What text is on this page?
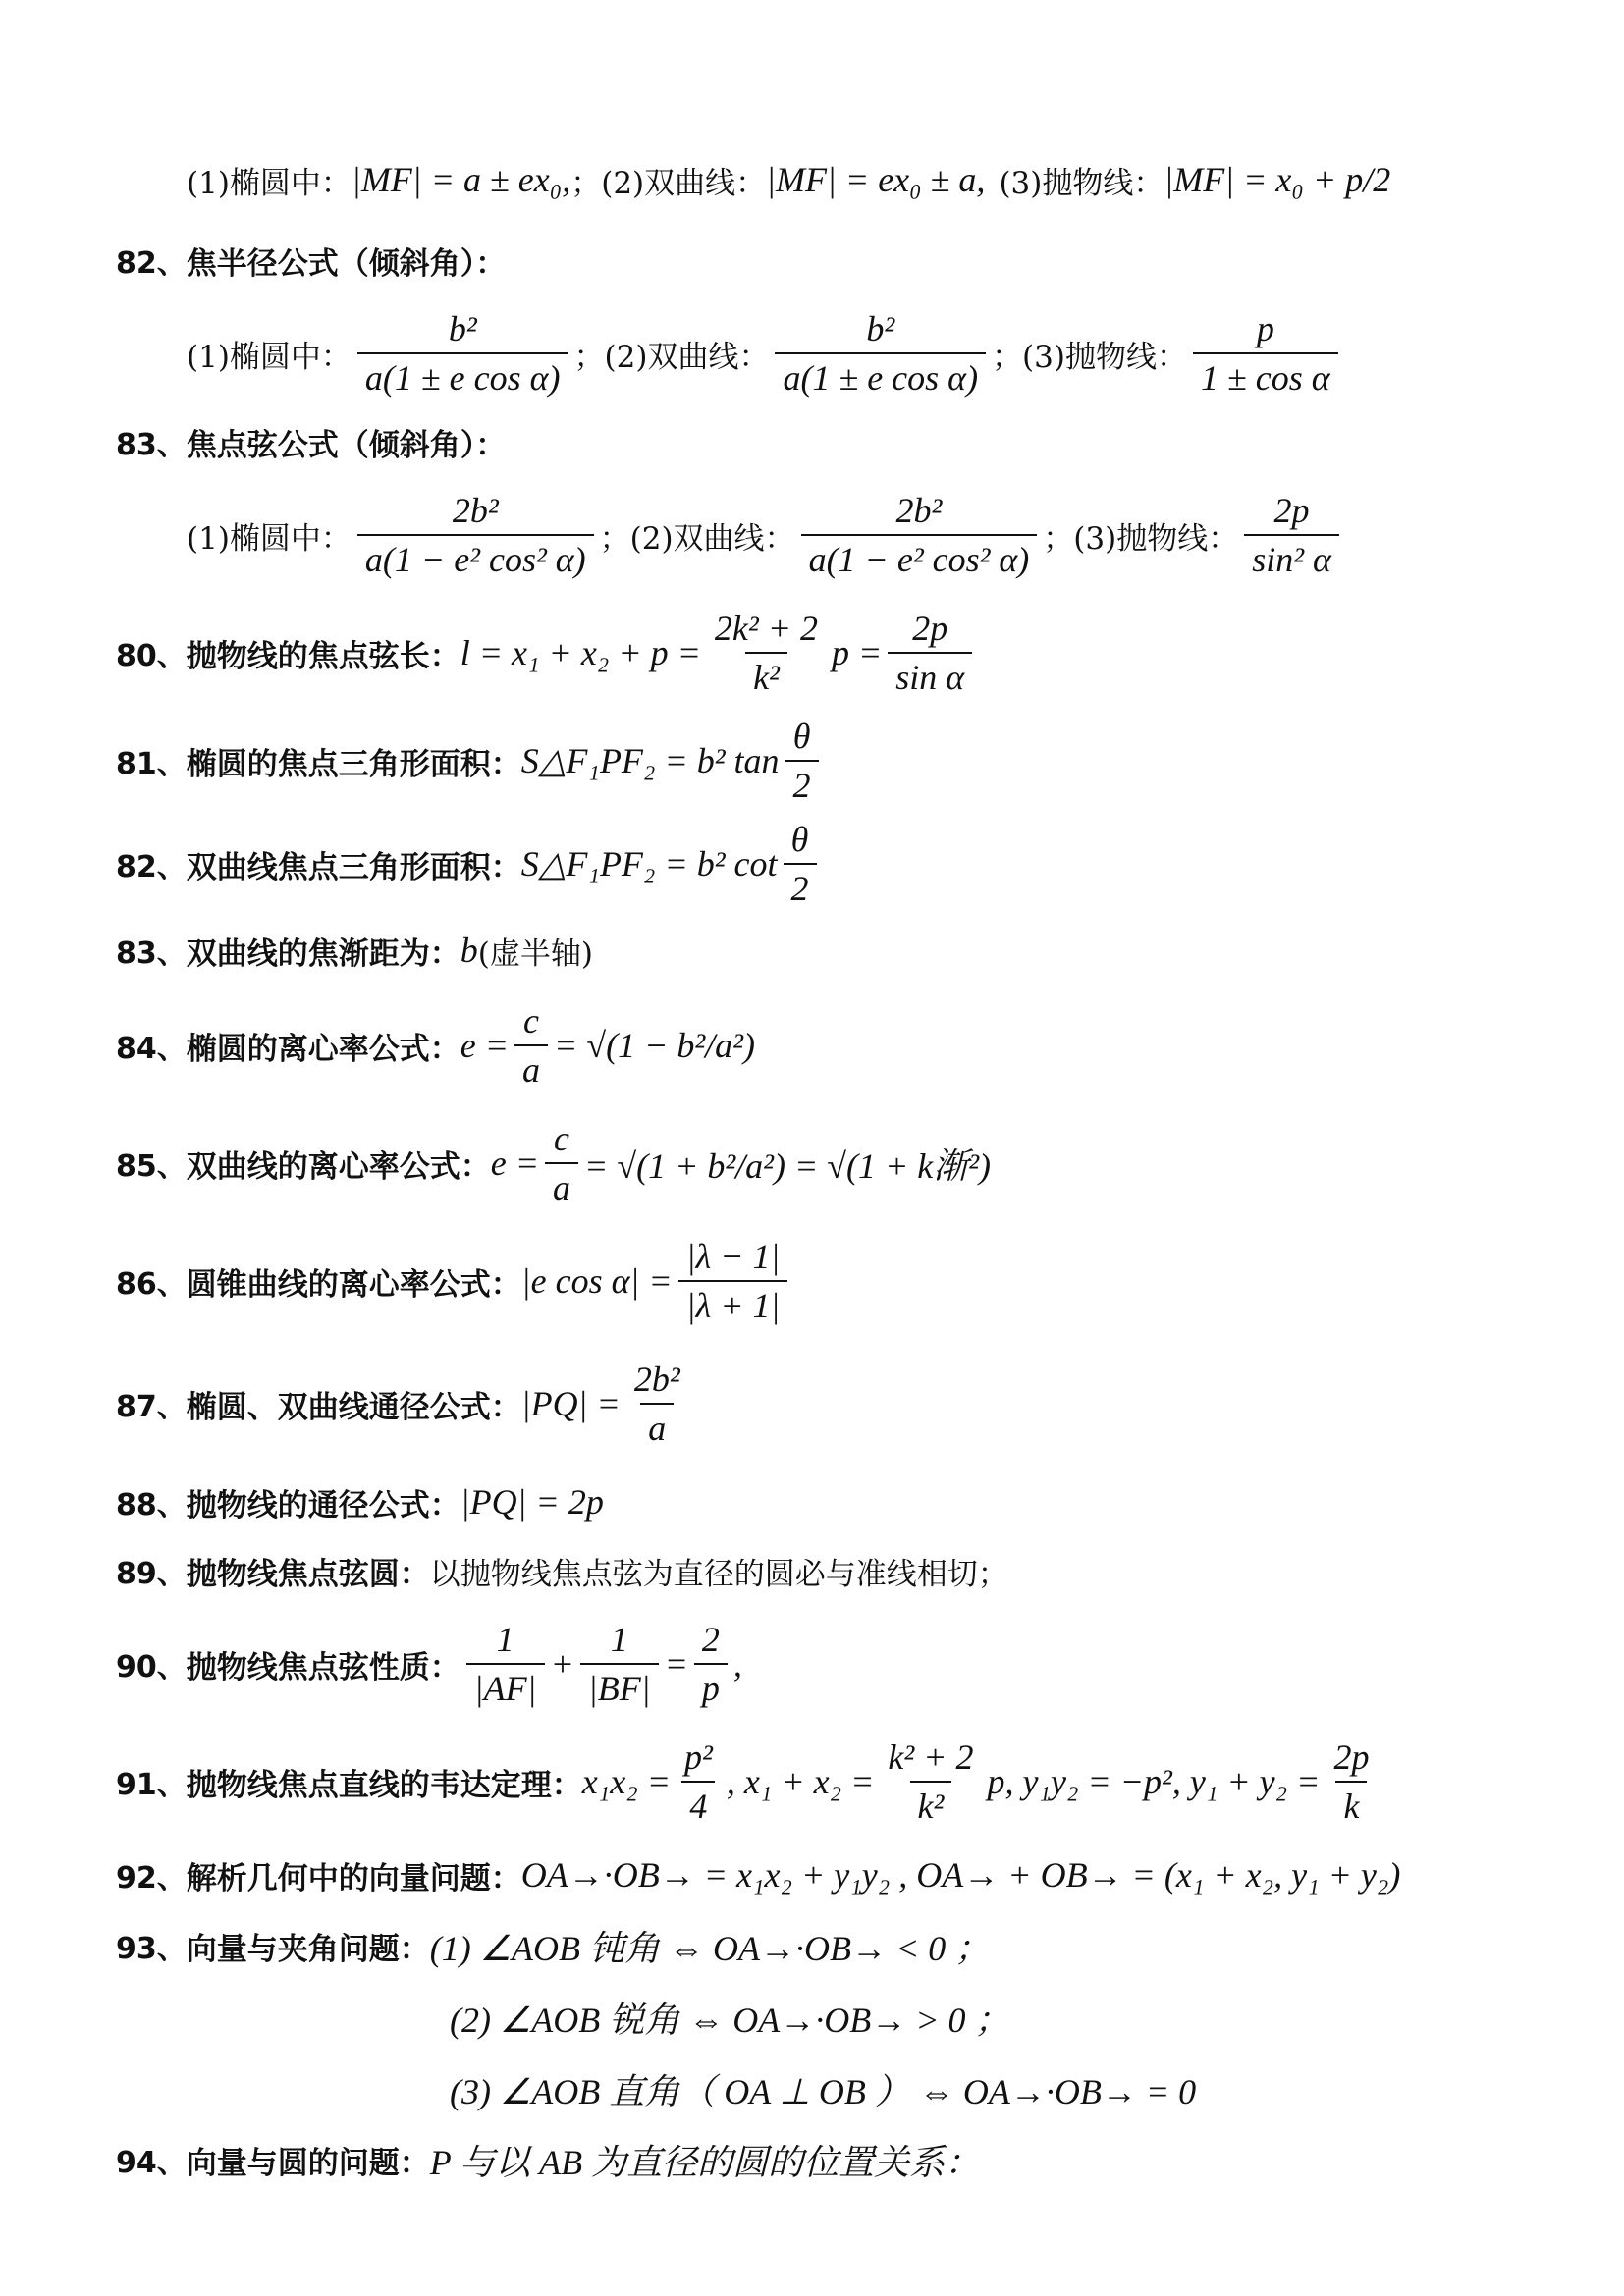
(1)椭圆中： |MF| = a ± ex₀, ；(2)双曲线： |MF| = ex₀ ± a, (3)抛物线： |MF| = x₀ + p/2
82、 焦半径公式（倾斜角）：
(1)椭圆中： $\frac{\text{b²}}{\text{a(1 ± e cos α)}}$ ；(2)双曲线： $\frac{\text{b²}}{\text{a(1 ± e cos α)}}$ ；(3)抛物线： $\frac{p}{\text{1 ± cos α}}$
83、 焦点弦公式（倾斜角）：
(1)椭圆中： $\frac{\text{2b²}}{\text{a(1 − e² cos² α)}}$ ；(2)双曲线： $\frac{\text{2b²}}{\text{a(1 − e² cos² α)}}$ ；(3)抛物线： $\frac{2p}{\text{sin² α}}$
80、 抛物线的焦点弦长： $l = x_1 + x_2 + p = \frac{\text{2k² + 2}}{\text{k²}}$ $p = \frac{2p}{\text{sin α}}$
81、 椭圆的焦点三角形面积： S△F₁PF₂ = b² $\tan \frac{\theta}{2}$
82、 双曲线焦点三角形面积： S△F₁PF₂ = b² $\cot \frac{\theta}{2}$
83、 双曲线的焦渐距为： b (虚半轴)
84、 椭圆的离心率公式： $e = \frac{c}{a} = √(1 - b^2/a^2)$
85、 双曲线的离心率公式： $e = \frac{c}{a} = √(1 + b^2/a^2) = √(1 + k$渐²)
86、 圆锥曲线的离心率公式： |e $\cos \alpha| = \frac{|\lambda - 1|}{|\lambda + 1|}$
87、 椭圆、双曲线通径公式： $|PQ| = \frac{\text{2b²}}{a}$
88、 抛物线的通径公式： |PQ| = 2p
89、 抛物线焦点弦圆： 以抛物线焦点弦为直径的圆必与准线相切；
90、 抛物线焦点弦性质： $\frac{1}{|AF|} + \frac{1}{|BF|} = \frac{2}{p}$ ,
91、 抛物线焦点直线的韦达定理： $x_1x_2 = \frac{\text{p²}}{4}$ , $x_1 + x_2 = \frac{\text{k² + 2}}{\text{k²}} p$, y₁y₂ = −p², $y_1 + y_2 = \frac{2p}{k}$
92、 解析几何中的向量问题： OA→·OB→ = x₁x₂ + y₁y₂ , OA→ + OB→ = (x₁ + x₂, y₁ + y₂)
93、 向量与夹角问题： (1) ∠AOB 钝角 ⇔ OA→·OB→ < 0 ；
(2) ∠AOB 锐角 ⇔ OA→·OB→ > 0 ；
(3) ∠AOB 直角（ OA ⊥ OB ） ⇔ OA→·OB→ = 0
94、 向量与圆的问题： P 与以 AB 为直径的圆的位置关系：
